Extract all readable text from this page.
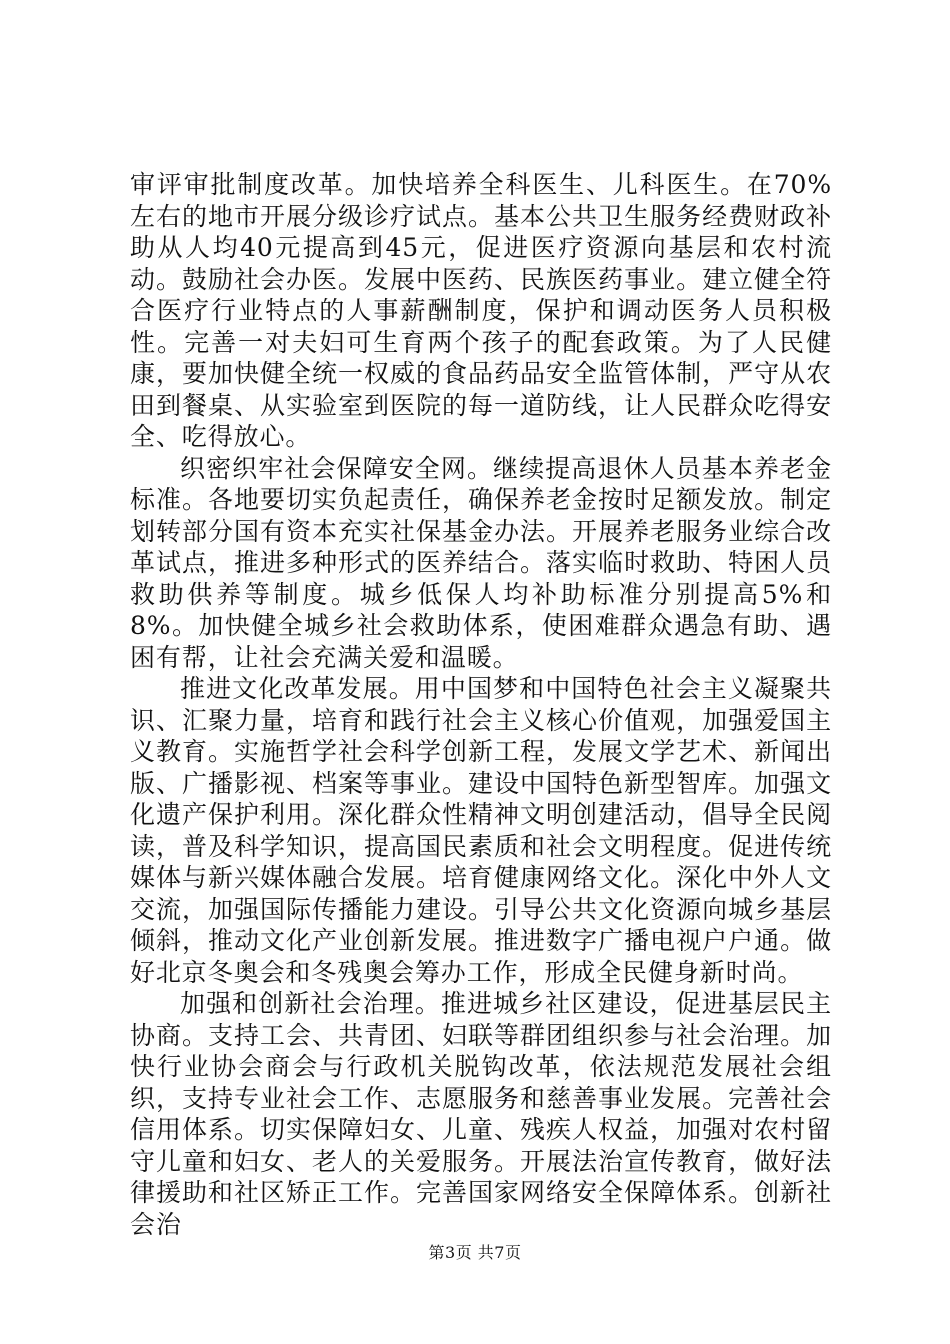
审评审批制度改革。加快培养全科医生、儿科医生。在70%左右的地市开展分级诊疗试点。基本公共卫生服务经费财政补助从人均40元提高到45元，促进医疗资源向基层和农村流动。鼓励社会办医。发展中医药、民族医药事业。建立健全符合医疗行业特点的人事薪酬制度，保护和调动医务人员积极性。完善一对夫妇可生育两个孩子的配套政策。为了人民健康，要加快健全统一权威的食品药品安全监管体制，严守从农田到餐桌、从实验室到医院的每一道防线，让人民群众吃得安全、吃得放心。

织密织牢社会保障安全网。继续提高退休人员基本养老金标准。各地要切实负起责任，确保养老金按时足额发放。制定划转部分国有资本充实社保基金办法。开展养老服务业综合改革试点，推进多种形式的医养结合。落实临时救助、特困人员救助供养等制度。城乡低保人均补助标准分别提高5%和8%。加快健全城乡社会救助体系，使困难群众遇急有助、遇困有帮，让社会充满关爱和温暖。

推进文化改革发展。用中国梦和中国特色社会主义凝聚共识、汇聚力量，培育和践行社会主义核心价值观，加强爱国主义教育。实施哲学社会科学创新工程，发展文学艺术、新闻出版、广播影视、档案等事业。建设中国特色新型智库。加强文化遗产保护利用。深化群众性精神文明创建活动，倡导全民阅读，普及科学知识，提高国民素质和社会文明程度。促进传统媒体与新兴媒体融合发展。培育健康网络文化。深化中外人文交流，加强国际传播能力建设。引导公共文化资源向城乡基层倾斜，推动文化产业创新发展。推进数字广播电视户户通。做好北京冬奥会和冬残奥会筹办工作，形成全民健身新时尚。

加强和创新社会治理。推进城乡社区建设，促进基层民主协商。支持工会、共青团、妇联等群团组织参与社会治理。加快行业协会商会与行政机关脱钩改革，依法规范发展社会组织，支持专业社会工作、志愿服务和慈善事业发展。完善社会信用体系。切实保障妇女、儿童、残疾人权益，加强对农村留守儿童和妇女、老人的关爱服务。开展法治宣传教育，做好法律援助和社区矫正工作。完善国家网络安全保障体系。创新社会治

第3页 共7页
